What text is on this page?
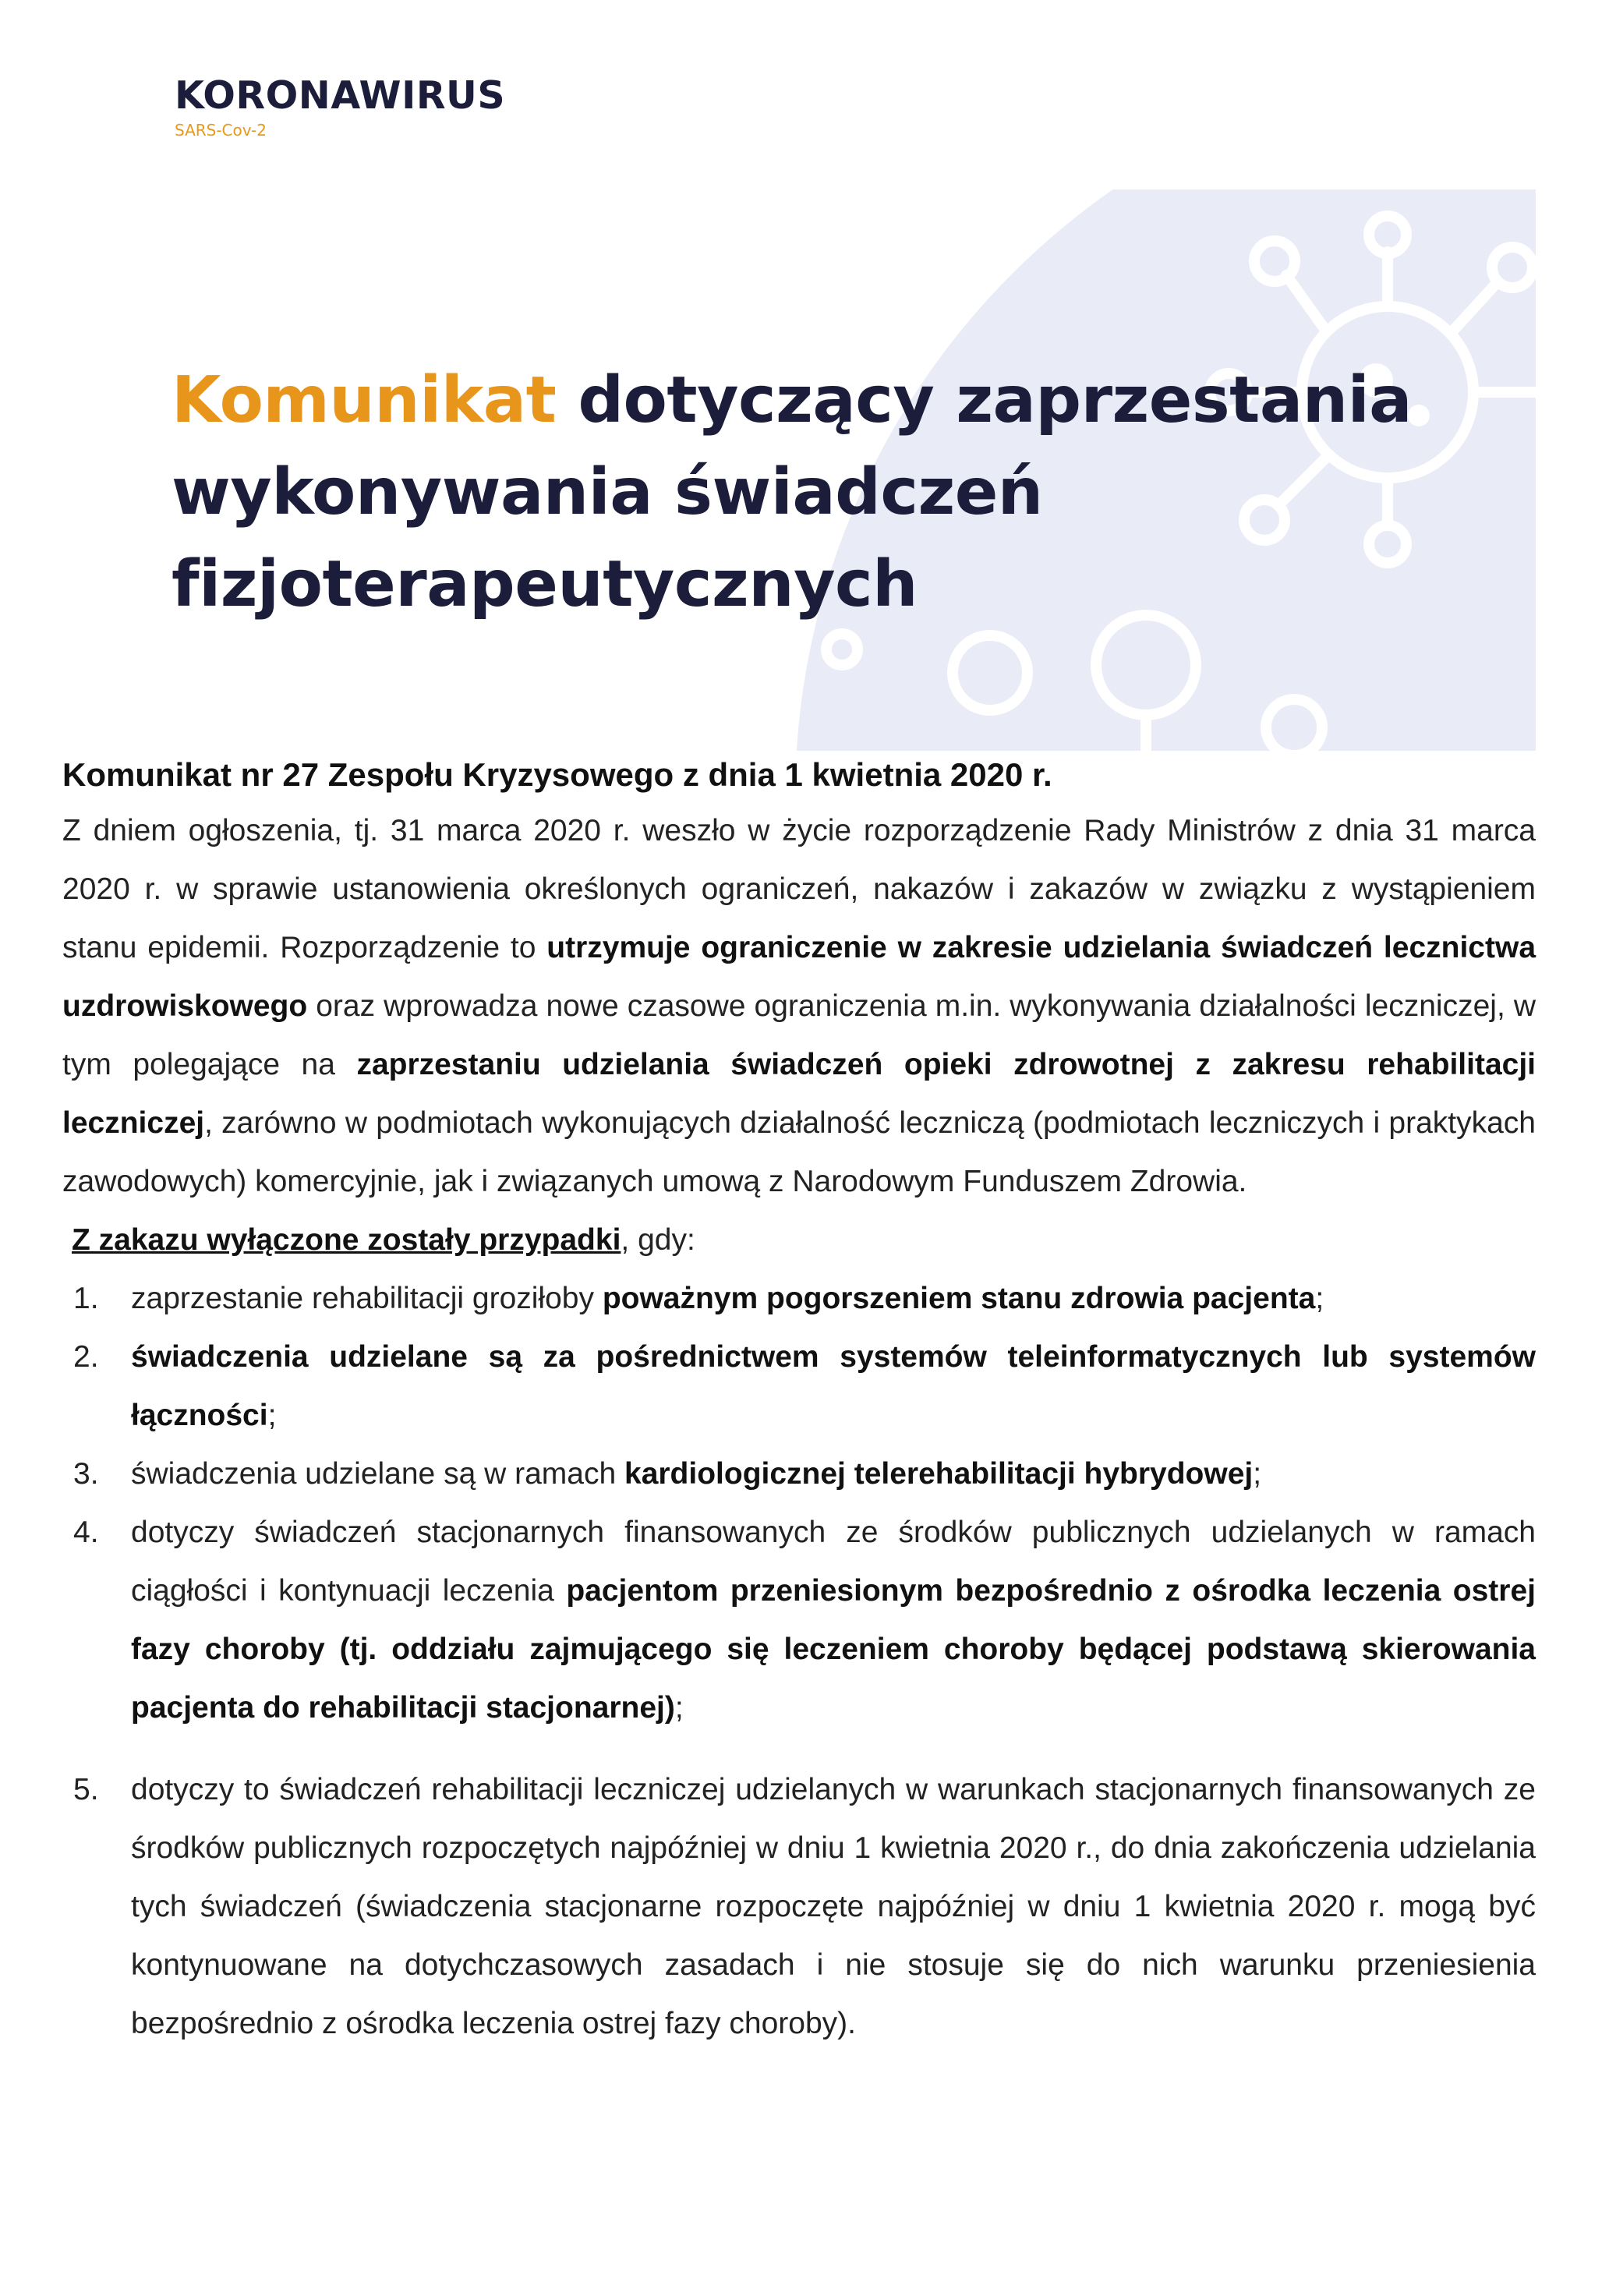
KORONAWIRUS
SARS-Cov-2
Komunikat dotyczący zaprzestania wykonywania świadczeń fizjoterapeutycznych

Komunikat nr 27 Zespołu Kryzysowego z dnia 1 kwietnia 2020 r.

Z dniem ogłoszenia, tj. 31 marca 2020 r. weszło w życie rozporządzenie Rady Ministrów z dnia 31 marca 2020 r. w sprawie ustanowienia określonych ograniczeń, nakazów i zakazów w związku z wystąpieniem stanu epidemii. Rozporządzenie to utrzymuje ograniczenie w zakresie udzielania świadczeń lecznictwa uzdrowiskowego oraz wprowadza nowe czasowe ograniczenia m.in. wykonywania działalności leczniczej, w tym polegające na zaprzestaniu udzielania świadczeń opieki zdrowotnej z zakresu rehabilitacji leczniczej, zarówno w podmiotach wykonujących działalność leczniczą (podmiotach leczniczych i praktykach zawodowych) komercyjnie, jak i związanych umową z Narodowym Funduszem Zdrowia.

Z zakazu wyłączone zostały przypadki, gdy:

1. zaprzestanie rehabilitacji groziłoby poważnym pogorszeniem stanu zdrowia pacjenta;
2. świadczenia udzielane są za pośrednictwem systemów teleinformatycznych lub systemów łączności;
3. świadczenia udzielane są w ramach kardiologicznej telerehabilitacji hybrydowej;
4. dotyczy świadczeń stacjonarnych finansowanych ze środków publicznych udzielanych w ramach ciągłości i kontynuacji leczenia pacjentom przeniesionym bezpośrednio z ośrodka leczenia ostrej fazy choroby (tj. oddziału zajmującego się leczeniem choroby będącej podstawą skierowania pacjenta do rehabilitacji stacjonarnej);
5. dotyczy to świadczeń rehabilitacji leczniczej udzielanych w warunkach stacjonarnych finansowanych ze środków publicznych rozpoczętych najpóźniej w dniu 1 kwietnia 2020 r., do dnia zakończenia udzielania tych świadczeń (świadczenia stacjonarne rozpoczęte najpóźniej w dniu 1 kwietnia 2020 r. mogą być kontynuowane na dotychczasowych zasadach i nie stosuje się do nich warunku przeniesienia bezpośrednio z ośrodka leczenia ostrej fazy choroby).
